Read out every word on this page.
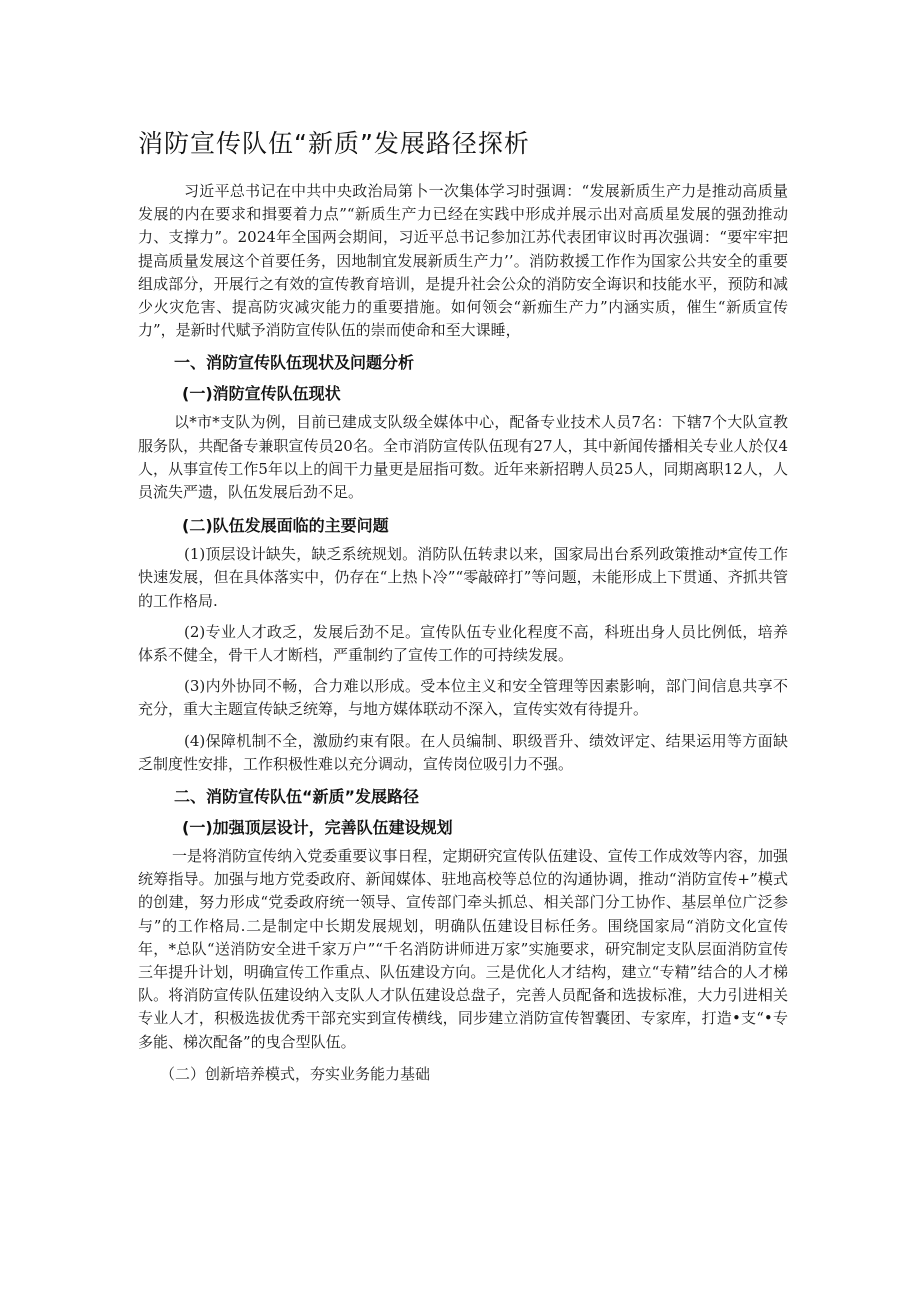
消防宣传队伍“新质”发展路径探析

习近平总书记在中共中央政治局第卜一次集体学习时强调：“发展新质生产力是推动高质量发展的内在要求和揖要着力点”“新质生产力已经在实践中形成并展示出对高质星发展的强劲推动力、支撑力”。2024年全国两会期间，习近平总书记参加江苏代表团审议时再次强调：“要牢牢把提高质量发展这个首要任务，因地制宜发展新质生产力’’。消防救援工作作为国家公共安全的重要组成部分，开展行之有效的宣传教育培训，是提升社会公众的消防安全诲识和技能水平，预防和减少火灾危害、提高防灾减灾能力的重要措施。如何领会“新痂生产力”内涵实质，催生“新质宣传力”，是新时代赋予消防宣传队伍的崇而使命和至大课睡，

一、消防宣传队伍现状及问题分析
(一)消防宣传队伍现状

以*市*支队为例，目前已建成支队级全媒体中心，配备专业技术人员7名：下辖7个大队宣教服务队，共配备专兼职宣传员20名。全市消防宣传队伍现有27人，其中新闻传播相关专业人於仅4人，从事宣传工作5年以上的闾干力量更是屈指可数。近年来新招聘人员25人，同期离职12人，人员流失严遗，队伍发展后劲不足。

(二)队伍发展面临的主要问题

(1)顶层设计缺失，缺乏系统规划。消防队伍转隶以来，国家局出台系列政策推动*宣传工作快速发展，但在具体落实中，仍存在“上热卜冷”“零敲碎打”等问题，未能形成上下贯通、齐抓共管的工作格局.

(2)专业人才政乏，发展后劲不足。宣传队伍专业化程度不高，科班出身人员比例低，培养体系不健全，骨干人才断档，严重制约了宣传工作的可持续发展。

(3)内外协同不畅，合力难以形成。受本位主义和安全管理等因素影响，部门间信息共享不充分，重大主题宣传缺乏统筹，与地方媒体联动不深入，宣传实效有待提升。

(4)保障机制不全，激励约束有限。在人员编制、职级晋升、绩效评定、结果运用等方面缺乏制度性安排，工作积极性难以充分调动，宣传岗位吸引力不强。

二、消防宣传队伍“新质”发展路径
(一)加强顶层设计，完善队伍建设规划

一是将消防宣传纳入党委重要议事日程，定期研究宣传队伍建设、宣传工作成效等内容，加强统筹指导。加强与地方党委政府、新闻媒体、驻地高校等总位的沟通协调，推动“消防宣传+”模式的创建，努力形成“党委政府统一领导、宣传部门牵头抓总、相关部门分工协作、基层单位广泛参与”的工作格局.二是制定中长期发展规划，明确队伍建设目标任务。围绕国家局“消防文化宣传年，*总队“送消防安全进千家万户”“千名消防讲师进万家”实施要求，研究制定支队层面消防宣传三年提升计划，明确宣传工作重点、队伍建设方向。三是优化人才结构，建立“专精”结合的人才梯队。将消防宣传队伍建设纳入支队人才队伍建设总盘子，完善人员配备和选拔标准，大力引进相关专业人才，积极选拔优秀干部充实到宣传横线，同步建立消防宣传智囊团、专家库，打造•支“•专多能、梯次配备”的曳合型队伍。

（二）创新培养模式，夯实业务能力基础
